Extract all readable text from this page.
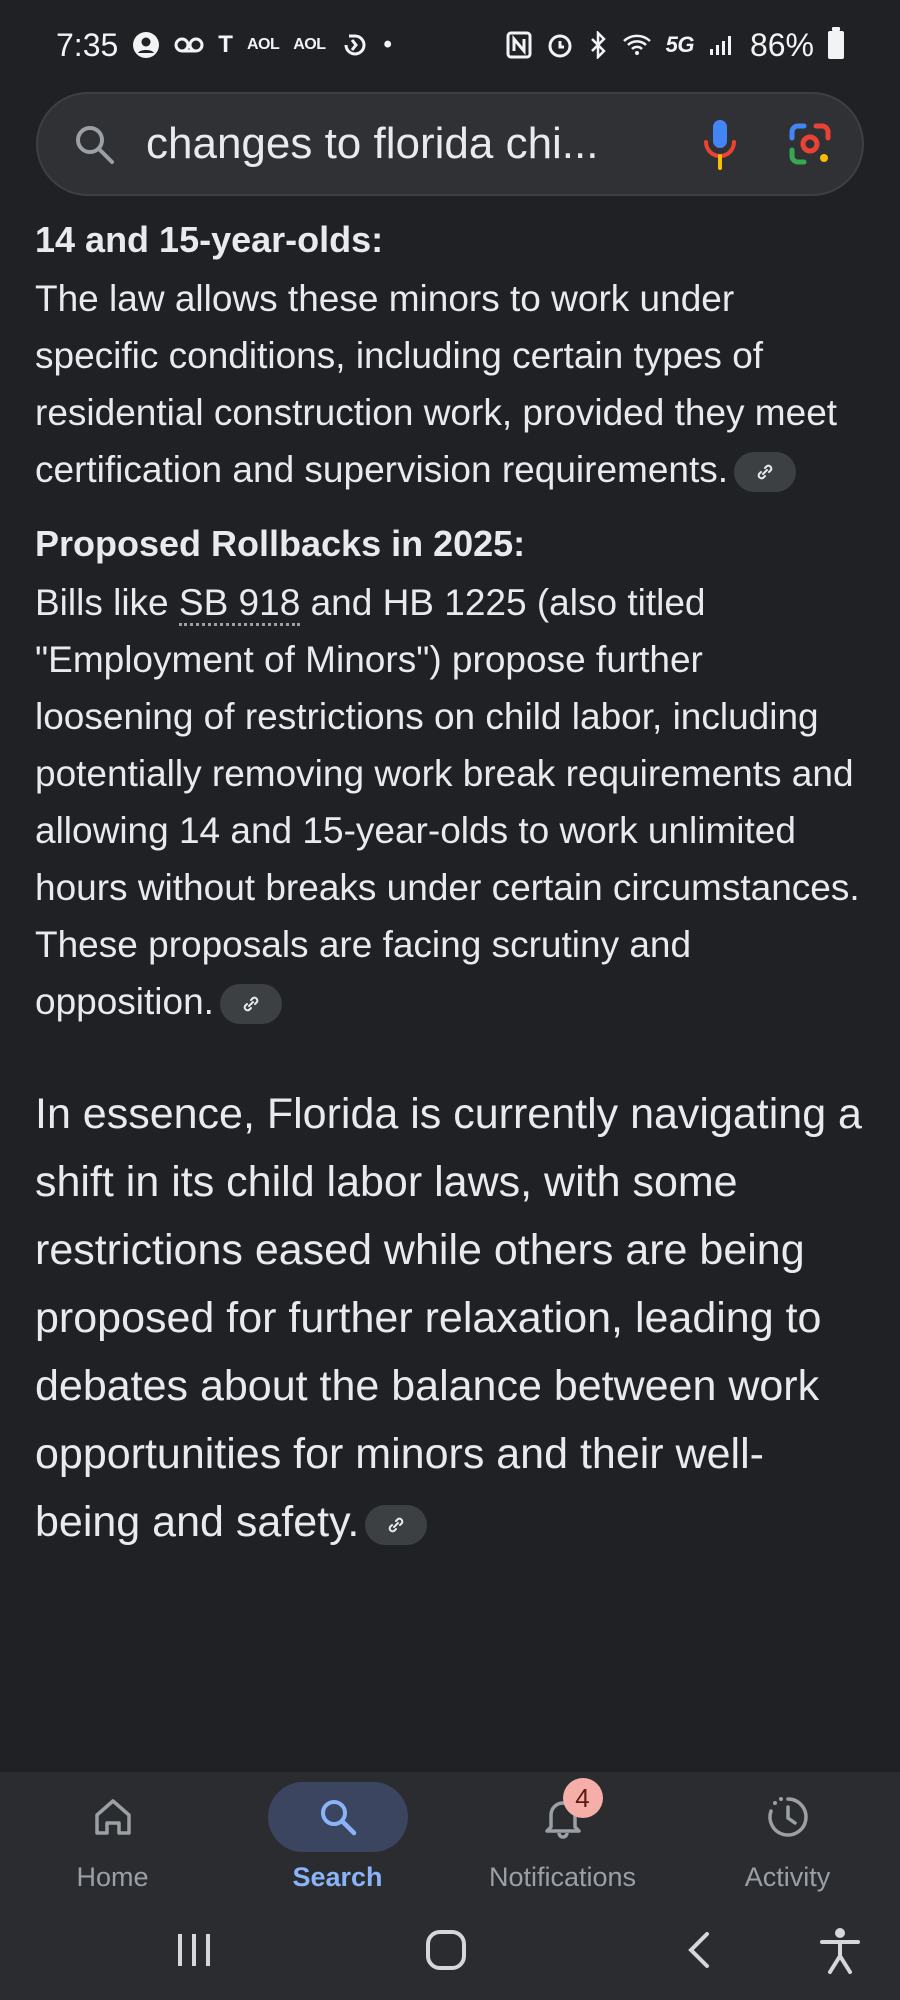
7:35	T AOL AOL •	5G 86%
changes to florida chi...

14 and 15-year-olds:

The law allows these minors to work under specific conditions, including certain types of residential construction work, provided they meet certification and supervision requirements.

Proposed Rollbacks in 2025:

Bills like SB 918 and HB 1225 (also titled "Employment of Minors") propose further loosening of restrictions on child labor, including potentially removing work break requirements and allowing 14 and 15-year-olds to work unlimited hours without breaks under certain circumstances. These proposals are facing scrutiny and opposition.

In essence, Florida is currently navigating a shift in its child labor laws, with some restrictions eased while others are being proposed for further relaxation, leading to debates about the balance between work opportunities for minors and their well-being and safety.

Home	Search
4
Notifications	Activity
